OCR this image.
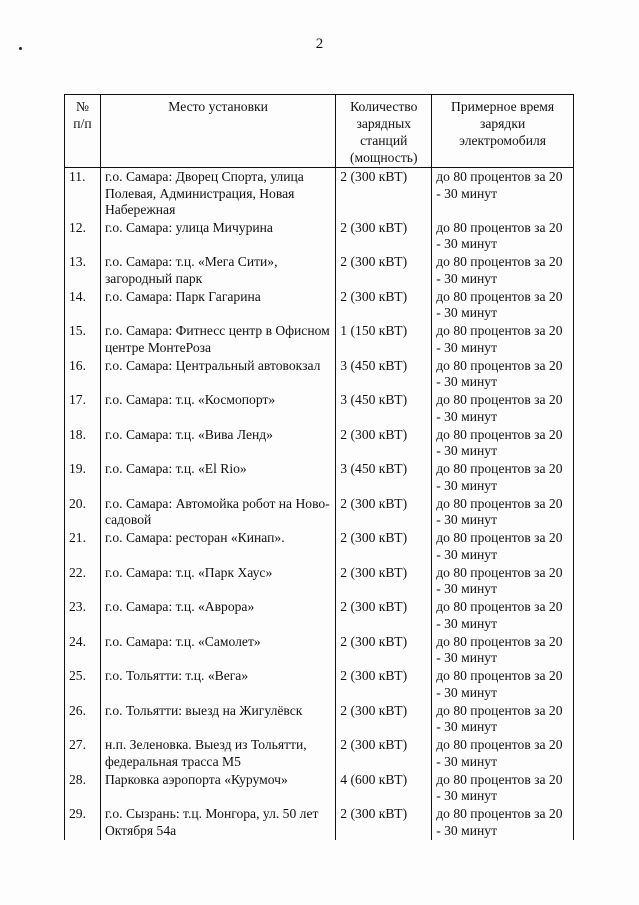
2
№ п/п	Место установки	Количество зарядных станций (мощность)	Примерное время зарядки электромобиля
11.	г.о. Самара: Дворец Спорта, улица Полевая, Администрация, Новая Набережная	2 (300 кВТ)	до 80 процентов за 20 - 30 минут
12.	г.о. Самара: улица Мичурина	2 (300 кВТ)	до 80 процентов за 20 - 30 минут
13.	г.о. Самара: т.ц. «Мега Сити», загородный парк	2 (300 кВТ)	до 80 процентов за 20 - 30 минут
14.	г.о. Самара: Парк Гагарина	2 (300 кВТ)	до 80 процентов за 20 - 30 минут
15.	г.о. Самара: Фитнесс центр в Офисном центре МонтеРоза	1 (150 кВТ)	до 80 процентов за 20 - 30 минут
16.	г.о. Самара: Центральный автовокзал	3 (450 кВТ)	до 80 процентов за 20 - 30 минут
17.	г.о. Самара: т.ц. «Космопорт»	3 (450 кВТ)	до 80 процентов за 20 - 30 минут
18.	г.о. Самара: т.ц. «Вива Ленд»	2 (300 кВТ)	до 80 процентов за 20 - 30 минут
19.	г.о. Самара: т.ц. «El Rio»	3 (450 кВТ)	до 80 процентов за 20 - 30 минут
20.	г.о. Самара: Автомойка робот на Ново-садовой	2 (300 кВТ)	до 80 процентов за 20 - 30 минут
21.	г.о. Самара: ресторан «Кинап».	2 (300 кВТ)	до 80 процентов за 20 - 30 минут
22.	г.о. Самара: т.ц. «Парк Хаус»	2 (300 кВТ)	до 80 процентов за 20 - 30 минут
23.	г.о. Самара: т.ц. «Аврора»	2 (300 кВТ)	до 80 процентов за 20 - 30 минут
24.	г.о. Самара: т.ц. «Самолет»	2 (300 кВТ)	до 80 процентов за 20 - 30 минут
25.	г.о. Тольятти: т.ц. «Вега»	2 (300 кВТ)	до 80 процентов за 20 - 30 минут
26.	г.о. Тольятти: выезд на Жигулёвск	2 (300 кВТ)	до 80 процентов за 20 - 30 минут
27.	н.п. Зеленовка. Выезд из Тольятти, федеральная трасса М5	2 (300 кВТ)	до 80 процентов за 20 - 30 минут
28.	Парковка аэропорта «Курумоч»	4 (600 кВТ)	до 80 процентов за 20 - 30 минут
29.	г.о. Сызрань: т.ц. Монгора, ул. 50 лет Октября 54а	2 (300 кВТ)	до 80 процентов за 20 - 30 минут
